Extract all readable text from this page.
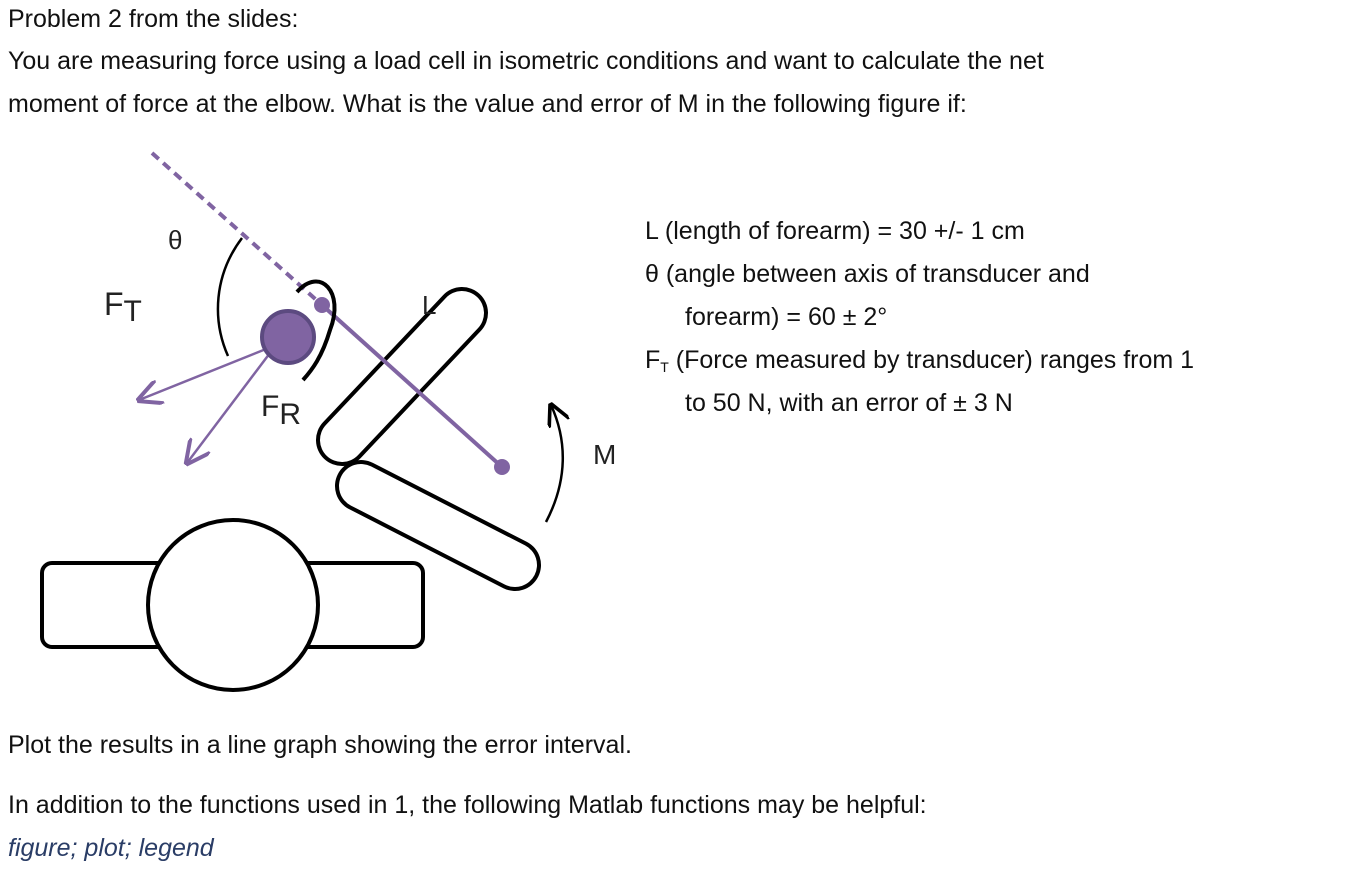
Problem 2 from the slides:
You are measuring force using a load cell in isometric conditions and want to calculate the net
moment of force at the elbow. What is the value and error of M in the following figure if:
θ
FT
FR
L
M
L (length of forearm) = 30 +/- 1 cm
θ (angle between axis of transducer and
forearm) = 60 ± 2°
$F_T$ (Force measured by transducer) ranges from 1
to 50 N, with an error of ± 3 N
Plot the results in a line graph showing the error interval.
In addition to the functions used in 1, the following Matlab functions may be helpful:
figure; plot; legend
